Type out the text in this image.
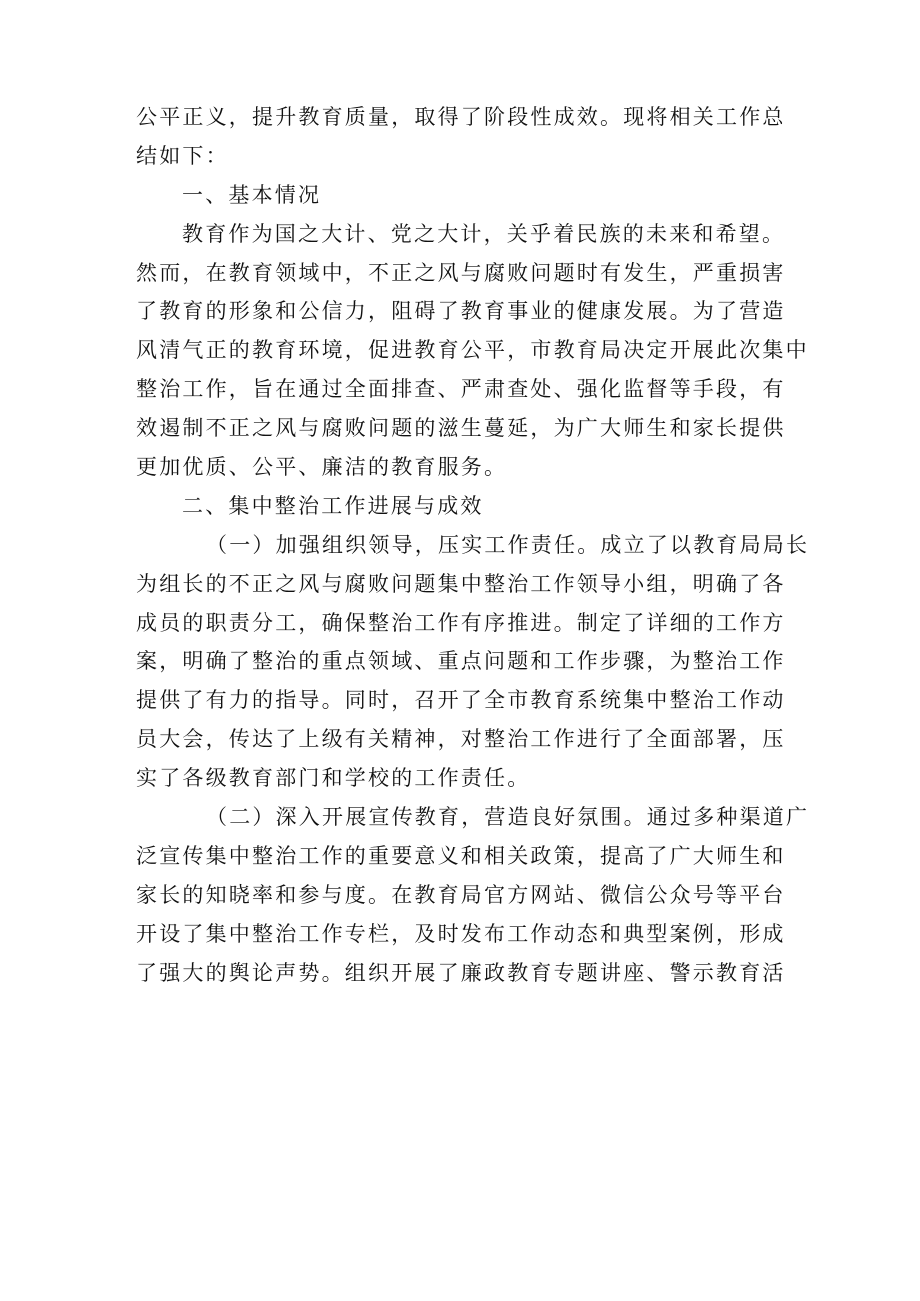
公平正义，提升教育质量，取得了阶段性成效。现将相关工作总
结如下：
一、基本情况
教育作为国之大计、党之大计，关乎着民族的未来和希望。
然而，在教育领域中，不正之风与腐败问题时有发生，严重损害
了教育的形象和公信力，阻碍了教育事业的健康发展。为了营造
风清气正的教育环境，促进教育公平，市教育局决定开展此次集中
整治工作，旨在通过全面排查、严肃查处、强化监督等手段，有
效遏制不正之风与腐败问题的滋生蔓延，为广大师生和家长提供
更加优质、公平、廉洁的教育服务。
二、集中整治工作进展与成效
（一）加强组织领导，压实工作责任。成立了以教育局局长
为组长的不正之风与腐败问题集中整治工作领导小组，明确了各
成员的职责分工，确保整治工作有序推进。制定了详细的工作方
案，明确了整治的重点领域、重点问题和工作步骤，为整治工作
提供了有力的指导。同时，召开了全市教育系统集中整治工作动
员大会，传达了上级有关精神，对整治工作进行了全面部署，压
实了各级教育部门和学校的工作责任。
（二）深入开展宣传教育，营造良好氛围。通过多种渠道广
泛宣传集中整治工作的重要意义和相关政策，提高了广大师生和
家长的知晓率和参与度。在教育局官方网站、微信公众号等平台
开设了集中整治工作专栏，及时发布工作动态和典型案例，形成
了强大的舆论声势。组织开展了廉政教育专题讲座、警示教育活
